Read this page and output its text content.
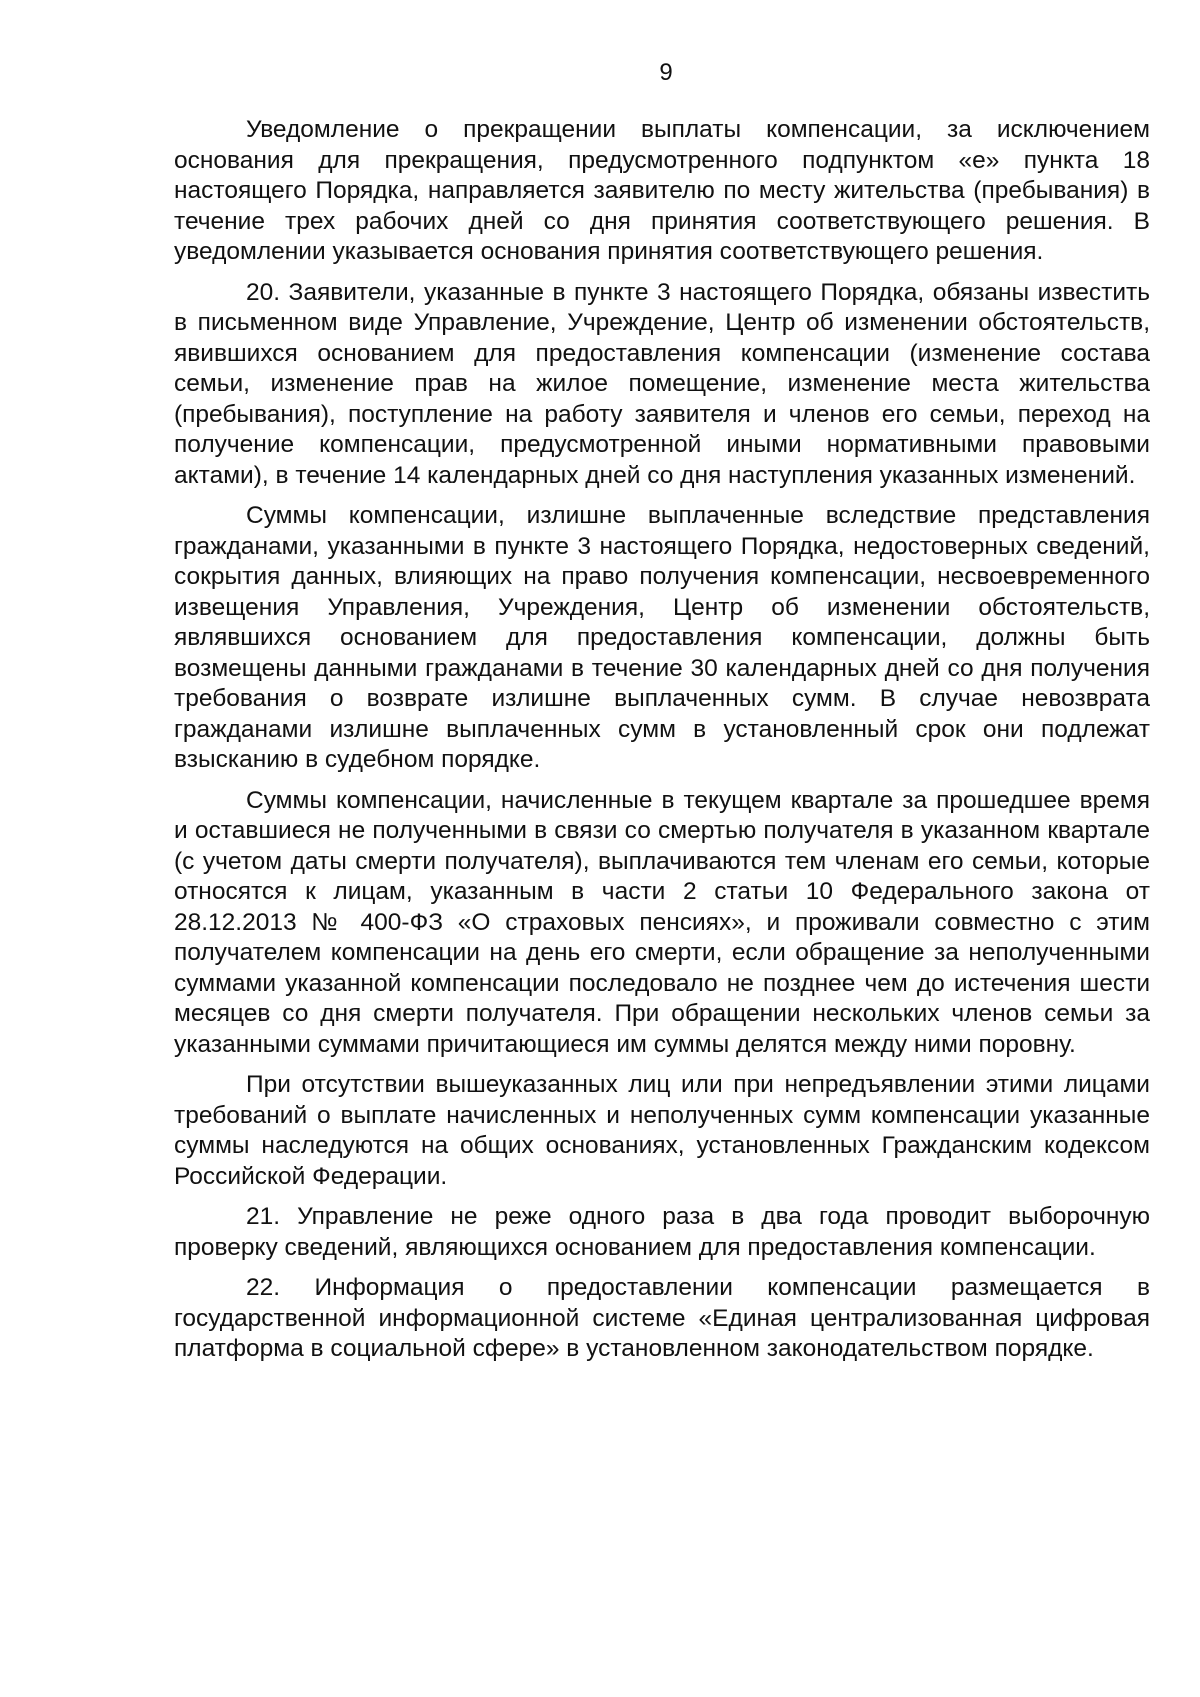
9

Уведомление о прекращении выплаты компенсации, за исключением основания для прекращения, предусмотренного подпунктом «е» пункта 18 настоящего Порядка, направляется заявителю по месту жительства (пребывания) в течение трех рабочих дней со дня принятия соответствующего решения. В уведомлении указывается основания принятия соответствующего решения.

20. Заявители, указанные в пункте 3 настоящего Порядка, обязаны известить в письменном виде Управление, Учреждение, Центр об изменении обстоятельств, явившихся основанием для предоставления компенсации (изменение состава семьи, изменение прав на жилое помещение, изменение места жительства (пребывания), поступление на работу заявителя и членов его семьи, переход на получение компенсации, предусмотренной иными нормативными правовыми актами), в течение 14 календарных дней со дня наступления указанных изменений.

Суммы компенсации, излишне выплаченные вследствие представления гражданами, указанными в пункте 3 настоящего Порядка, недостоверных сведений, сокрытия данных, влияющих на право получения компенсации, несвоевременного извещения Управления, Учреждения, Центр об изменении обстоятельств, являвшихся основанием для предоставления компенсации, должны быть возмещены данными гражданами в течение 30 календарных дней со дня получения требования о возврате излишне выплаченных сумм. В случае невозврата гражданами излишне выплаченных сумм в установленный срок они подлежат взысканию в судебном порядке.

Суммы компенсации, начисленные в текущем квартале за прошедшее время и оставшиеся не полученными в связи со смертью получателя в указанном квартале (с учетом даты смерти получателя), выплачиваются тем членам его семьи, которые относятся к лицам, указанным в части 2 статьи 10 Федерального закона от 28.12.2013 № 400-ФЗ «О страховых пенсиях», и проживали совместно с этим получателем компенсации на день его смерти, если обращение за неполученными суммами указанной компенсации последовало не позднее чем до истечения шести месяцев со дня смерти получателя. При обращении нескольких членов семьи за указанными суммами причитающиеся им суммы делятся между ними поровну.

При отсутствии вышеуказанных лиц или при непредъявлении этими лицами требований о выплате начисленных и неполученных сумм компенсации указанные суммы наследуются на общих основаниях, установленных Гражданским кодексом Российской Федерации.

21. Управление не реже одного раза в два года проводит выборочную проверку сведений, являющихся основанием для предоставления компенсации.

22. Информация о предоставлении компенсации размещается в государственной информационной системе «Единая централизованная цифровая платформа в социальной сфере» в установленном законодательством порядке.
